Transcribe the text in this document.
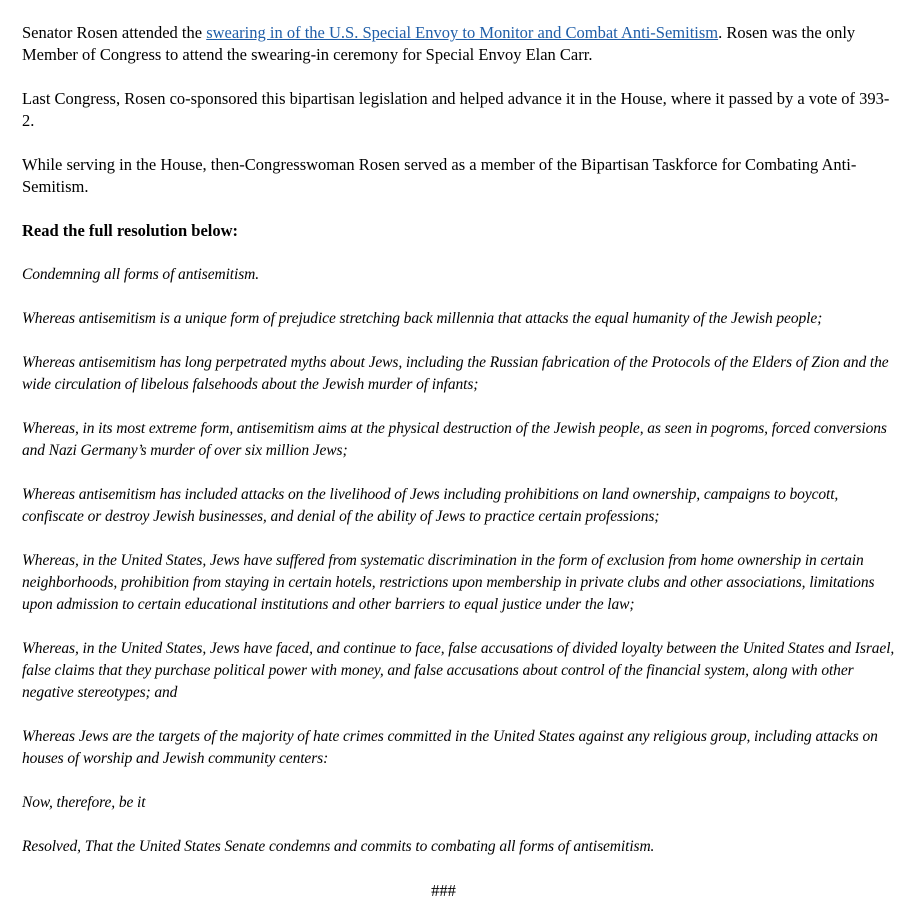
Senator Rosen attended the swearing in of the U.S. Special Envoy to Monitor and Combat Anti-Semitism. Rosen was the only Member of Congress to attend the swearing-in ceremony for Special Envoy Elan Carr.

Last Congress, Rosen co-sponsored this bipartisan legislation and helped advance it in the House, where it passed by a vote of 393-2.

While serving in the House, then-Congresswoman Rosen served as a member of the Bipartisan Taskforce for Combating Anti-Semitism.

Read the full resolution below:

Condemning all forms of antisemitism.

Whereas antisemitism is a unique form of prejudice stretching back millennia that attacks the equal humanity of the Jewish people;

Whereas antisemitism has long perpetrated myths about Jews, including the Russian fabrication of the Protocols of the Elders of Zion and the wide circulation of libelous falsehoods about the Jewish murder of infants;

Whereas, in its most extreme form, antisemitism aims at the physical destruction of the Jewish people, as seen in pogroms, forced conversions and Nazi Germany’s murder of over six million Jews;

Whereas antisemitism has included attacks on the livelihood of Jews including prohibitions on land ownership, campaigns to boycott, confiscate or destroy Jewish businesses, and denial of the ability of Jews to practice certain professions;

Whereas, in the United States, Jews have suffered from systematic discrimination in the form of exclusion from home ownership in certain neighborhoods, prohibition from staying in certain hotels, restrictions upon membership in private clubs and other associations, limitations upon admission to certain educational institutions and other barriers to equal justice under the law;

Whereas, in the United States, Jews have faced, and continue to face, false accusations of divided loyalty between the United States and Israel, false claims that they purchase political power with money, and false accusations about control of the financial system, along with other negative stereotypes; and

Whereas Jews are the targets of the majority of hate crimes committed in the United States against any religious group, including attacks on houses of worship and Jewish community centers:

Now, therefore, be it

Resolved, That the United States Senate condemns and commits to combating all forms of antisemitism.

###
